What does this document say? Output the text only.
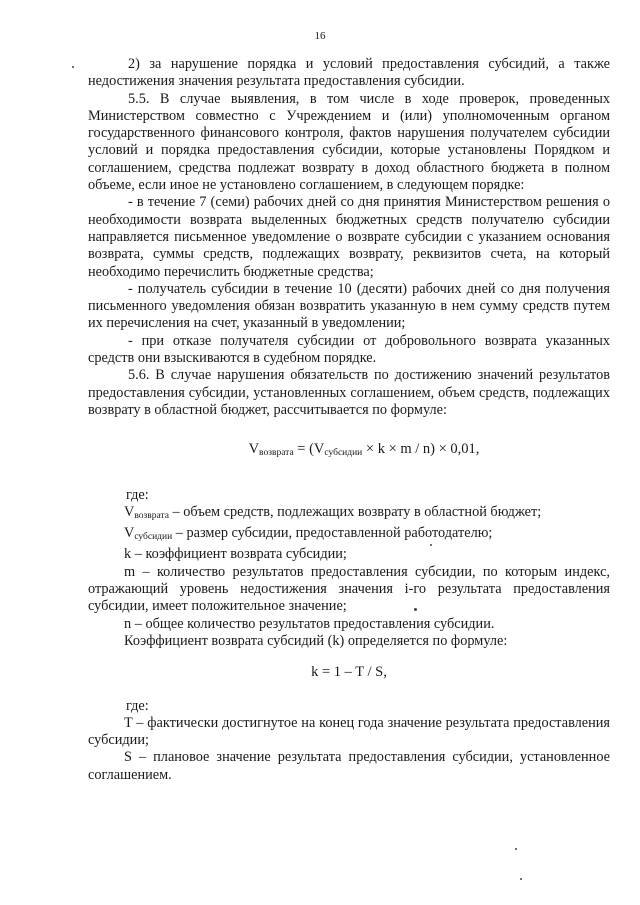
16

2) за нарушение порядка и условий предоставления субсидий, а также недостижения значения результата предоставления субсидии.

5.5. В случае выявления, в том числе в ходе проверок, проведенных Министерством совместно с Учреждением и (или) уполномоченным органом государственного финансового контроля, фактов нарушения получателем субсидии условий и порядка предоставления субсидии, которые установлены Порядком и соглашением, средства подлежат возврату в доход областного бюджета в полном объеме, если иное не установлено соглашением, в следующем порядке:

- в течение 7 (семи) рабочих дней со дня принятия Министерством решения о необходимости возврата выделенных бюджетных средств получателю субсидии направляется письменное уведомление о возврате субсидии с указанием основания возврата, суммы средств, подлежащих возврату, реквизитов счета, на который необходимо перечислить бюджетные средства;

- получатель субсидии в течение 10 (десяти) рабочих дней со дня получения письменного уведомления обязан возвратить указанную в нем сумму средств путем их перечисления на счет, указанный в уведомлении;

- при отказе получателя субсидии от добровольного возврата указанных средств они взыскиваются в судебном порядке.

5.6. В случае нарушения обязательств по достижению значений результатов предоставления субсидии, установленных соглашением, объем средств, подлежащих возврату в областной бюджет, рассчитывается по формуле:

$V_{возврата} = (V_{субсидии} \times k \times m / n) \times 0,01$,

где:

$V_{возврата}$ – объем средств, подлежащих возврату в областной бюджет;

$V_{субсидии}$ – размер субсидии, предоставленной работодателю;

k – коэффициент возврата субсидии;

m – количество результатов предоставления субсидии, по которым индекс, отражающий уровень недостижения значения i-го результата предоставления субсидии, имеет положительное значение;

n – общее количество результатов предоставления субсидии.

Коэффициент возврата субсидий (k) определяется по формуле:

k = 1 – T / S,

где:

T – фактически достигнутое на конец года значение результата предоставления субсидии;

S – плановое значение результата предоставления субсидии, установленное соглашением.
